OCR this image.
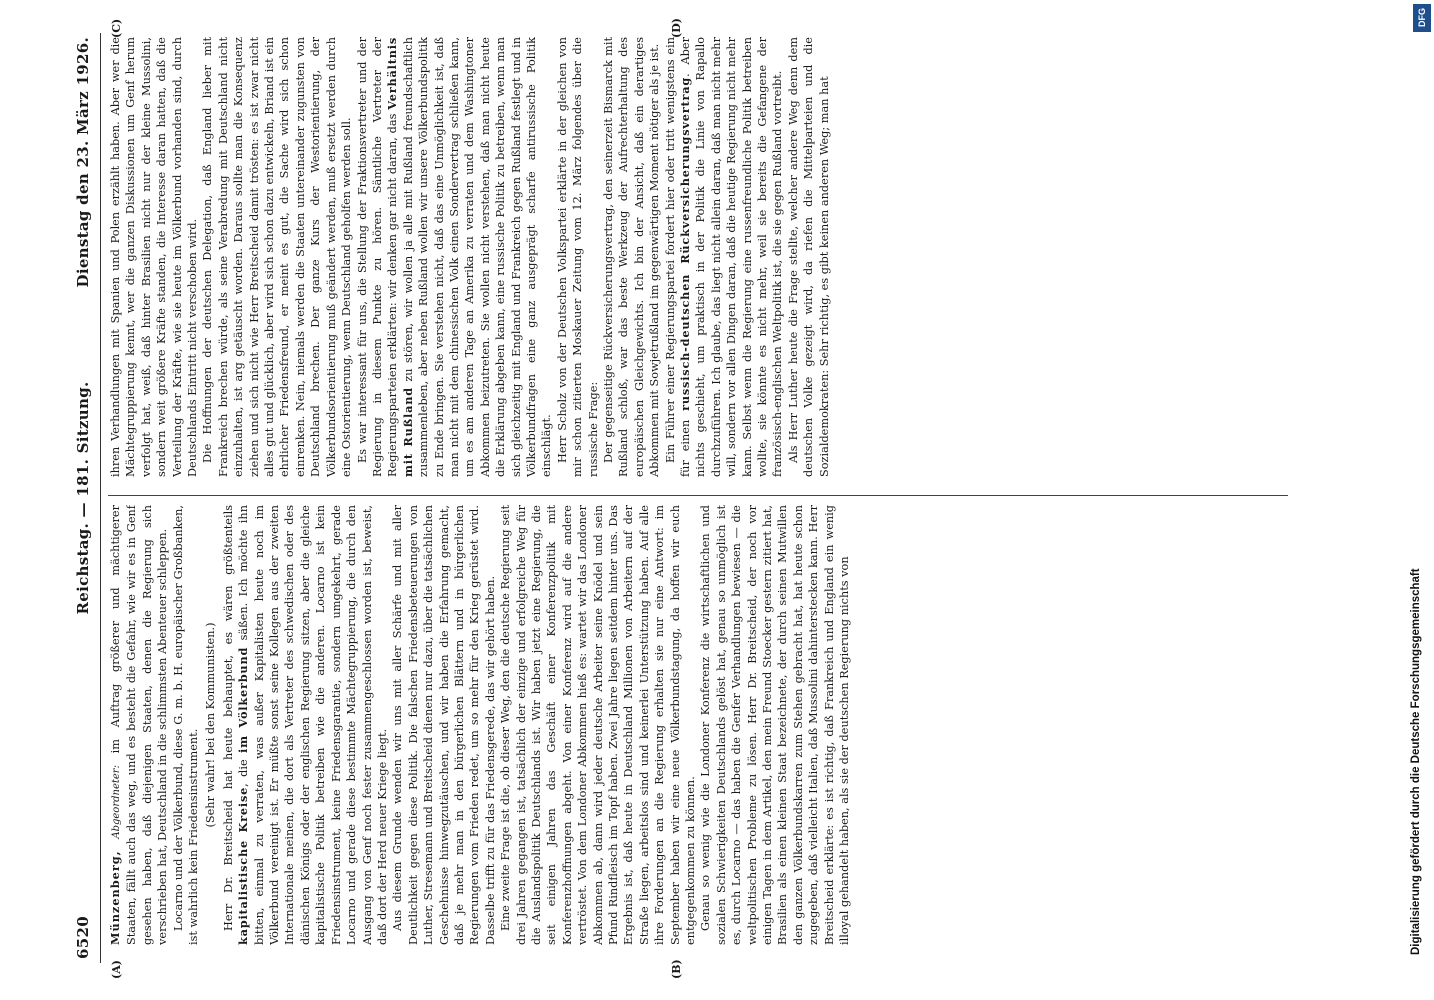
6520
Reichstag. — 181. Sitzung.
Dienstag den 23. März 1926.
(A)	(B)
(C)	(D)

Münzenberg, Abgeordneter: im Auftrag größerer und mächtigerer Staaten, fällt auch das weg, und es besteht die Gefahr, wie wir es in Genf gesehen haben, daß diejenigen Staaten, denen die Regierung sich verschrieben hat, Deutschland in die schlimmsten Abenteuer schleppen. Locarno und der Völkerbund, diese G. m. b. H. europäischer Großbanken, ist wahrlich kein Friedensinstrument.

(Sehr wahr! bei den Kommunisten.) Herr Dr. Breitscheid hat heute behauptet, es wären größtenteils kapitalistische Kreise, die im Völkerbund säßen. Ich möchte ihn bitten, einmal zu verraten, was außer Kapitalisten heute noch im Völkerbund vereinigt ist. Er müßte sonst seine Kollegen aus der zweiten Internationale meinen, die dort als Vertreter des schwedischen oder des dänischen Königs oder der englischen Regierung sitzen, aber die gleiche kapitalistische Politik betreiben wie die anderen. Locarno ist kein Friedensinstrument, keine Friedensgarantie, sondern umgekehrt, gerade Locarno und gerade diese bestimmte Mächtegruppierung, die durch den Ausgang von Genf noch fester zusammengeschlossen worden ist, beweist, daß dort der Herd neuer Kriege liegt. Aus diesem Grunde wenden wir uns mit aller Schärfe und mit aller Deutlichkeit gegen diese Politik. Die falschen Friedensbeteuerungen von Luther, Stresemann und Breitscheid dienen nur dazu, über die tatsächlichen Geschehnisse hinwegzutäuschen, und wir haben die Erfahrung gemacht, daß je mehr man in den bürgerlichen Blättern und in bürgerlichen Regierungen vom Frieden redet, um so mehr für den Krieg gerüstet wird. Dasselbe trifft zu für das Friedensgerede, das wir gehört haben. Eine zweite Frage ist die, ob dieser Weg, den die deutsche Regierung seit drei Jahren gegangen ist, tatsächlich der einzige und erfolgreiche Weg für die Auslandspolitik Deutschlands ist. Wir haben jetzt eine Regierung, die seit einigen Jahren das Geschäft einer Konferenzpolitik mit Konferenzhoffnungen abgeht. Von einer Konferenz wird auf die andere vertröstet. Von dem Londoner Abkommen hieß es: wartet wir das Londoner Abkommen ab, dann wird jeder deutsche Arbeiter seine Knödel und sein Pfund Rindfleisch im Topf haben. Zwei Jahre liegen seitdem hinter uns. Das Ergebnis ist, daß heute in Deutschland Millionen von Arbeitern auf der Straße liegen, arbeitslos sind und keinerlei Unterstützung haben. Auf alle ihre Forderungen an die Regierung erhalten sie nur eine Antwort: im September haben wir eine neue Völkerbundstagung, da hoffen wir euch entgegenkommen zu können. Genau so wenig wie die Londoner Konferenz die wirtschaftlichen und sozialen Schwierigkeiten Deutschlands gelöst hat, genau so unmöglich ist es, durch Locarno — das haben die Genfer Verhandlungen bewiesen — die weltpolitischen Probleme zu lösen. Herr Dr. Breitscheid, der noch vor einigen Tagen in dem Artikel, den mein Freund Stoecker gestern zitiert hat, Brasilien als einen kleinen Staat bezeichnete, der durch seinen Mutwillen den ganzen Völkerbundskarren zum Stehen gebracht hat, hat heute schon zugegeben, daß vielleicht Italien, daß Mussolini dahinterstecken kann. Herr Breitscheid erklärte: es ist richtig, daß Frankreich und England ein wenig illoyal gehandelt haben, als sie der deutschen Regierung nichts von

ihren Verhandlungen mit Spanien und Polen erzählt haben. Aber wer die Mächtegruppierung kennt, wer die ganzen Diskussionen um Genf herum verfolgt hat, weiß, daß hinter Brasilien nicht nur der kleine Mussolini, sondern weit größere Kräfte standen, die Interesse daran hatten, daß die Verteilung der Kräfte, wie sie heute im Völkerbund vorhanden sind, durch Deutschlands Eintritt nicht verschoben wird. Die Hoffnungen der deutschen Delegation, daß England lieber mit Frankreich brechen würde, als seine Verabredung mit Deutschland nicht einzuhalten, ist arg getäuscht worden. Daraus sollte man die Konsequenz ziehen und sich nicht wie Herr Breitscheid damit trösten: es ist zwar nicht alles gut und glücklich, aber wird sich schon dazu entwickeln, Briand ist ein ehrlicher Friedensfreund, er meint es gut, die Sache wird sich schon einrenken. Nein, niemals werden die Staaten untereinander zugunsten von Deutschland brechen. Der ganze Kurs der Westorientierung, der Völkerbundsorientierung muß geändert werden, muß ersetzt werden durch eine Ostorientierung, wenn Deutschland geholfen werden soll. Es war interessant für uns, die Stellung der Fraktionsvertreter und der Regierung in diesem Punkte zu hören. Sämtliche Vertreter der Regierungsparteien erklärten: wir denken gar nicht daran, das Verhältnis mit Rußland zu stören, wir wollen ja alle mit Rußland freundschaftlich zusammenleben, aber neben Rußland wollen wir unsere Völkerbundspolitik zu Ende bringen. Sie verstehen nicht, daß das eine Unmöglichkeit ist, daß man nicht mit dem chinesischen Volk einen Sondervertrag schließen kann, um es am anderen Tage an Amerika zu verraten und dem Washingtoner Abkommen beizutreten. Sie wollen nicht verstehen, daß man nicht heute die Erklärung abgeben kann, eine russische Politik zu betreiben, wenn man sich gleichzeitig mit England und Frankreich gegen Rußland festlegt und in Völkerbundfragen eine ganz ausgeprägt scharfe antirussische Politik einschlägt. Herr Scholz von der Deutschen Volkspartei erklärte in der gleichen von mir schon zitierten Moskauer Zeitung vom 12. März folgendes über die russische Frage: Der gegenseitige Rückversicherungsvertrag, den seinerzeit Bismarck mit Rußland schloß, war das beste Werkzeug der Aufrechterhaltung des europäischen Gleichgewichts. Ich bin der Ansicht, daß ein derartiges Abkommen mit Sowjetrußland im gegenwärtigen Moment nötiger als je ist. Ein Führer einer Regierungspartei fordert hier oder tritt wenigstens ein für einen russisch-deutschen Rückversicherungsvertrag. Aber nichts geschieht, um praktisch in der Politik die Linie von Rapallo durchzuführen. Ich glaube, das liegt nicht allein daran, daß man nicht mehr will, sondern vor allen Dingen daran, daß die heutige Regierung nicht mehr kann. Selbst wenn die Regierung eine russenfreundliche Politik betreiben wollte, sie könnte es nicht mehr, weil sie bereits die Gefangene der französisch-englischen Weltpolitik ist, die sie gegen Rußland vortreibt. Als Herr Luther heute die Frage stellte, welcher andere Weg denn dem deutschen Volke gezeigt wird, da riefen die Mittelparteien und die Sozialdemokraten: Sehr richtig, es gibt keinen anderen Weg; man hat

DFG
Digitalisierung gefördert durch die Deutsche Forschungsgemeinschaft
